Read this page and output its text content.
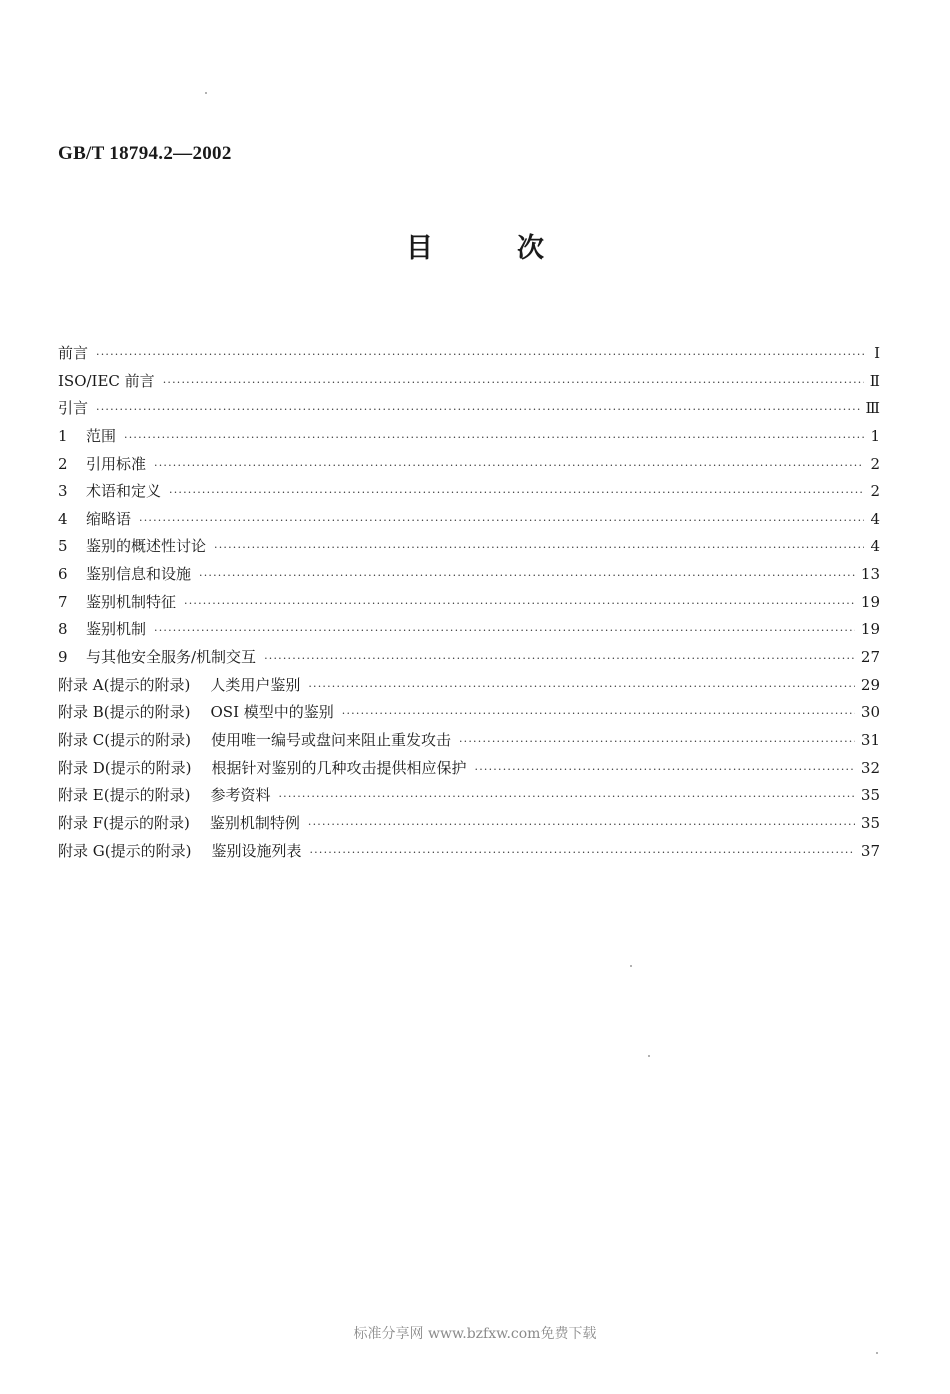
GB/T 18794.2—2002
目	次
前言 ·····	I
ISO/IEC 前言 ·····	Ⅱ
引言 ·····	Ⅲ
1 范围 ·····	1
2 引用标准 ·····	2
3 术语和定义 ·····	2
4 缩略语 ·····	4
5 鉴别的概述性讨论 ·····	4
6 鉴别信息和设施 ·····	13
7 鉴别机制特征 ·····	19
8 鉴别机制 ·····	19
9 与其他安全服务/机制交互 ·····	27
附录 A(提示的附录) 人类用户鉴别 ·····	29
附录 B(提示的附录) OSI 模型中的鉴别 ·····	30
附录 C(提示的附录) 使用唯一编号或盘问来阻止重发攻击 ·····	31
附录 D(提示的附录) 根据针对鉴别的几种攻击提供相应保护 ·····	32
附录 E(提示的附录) 参考资料 ·····	35
附录 F(提示的附录) 鉴别机制特例 ·····	35
附录 G(提示的附录) 鉴别设施列表 ·····	37
标准分享网 www.bzfxw.com免费下载
